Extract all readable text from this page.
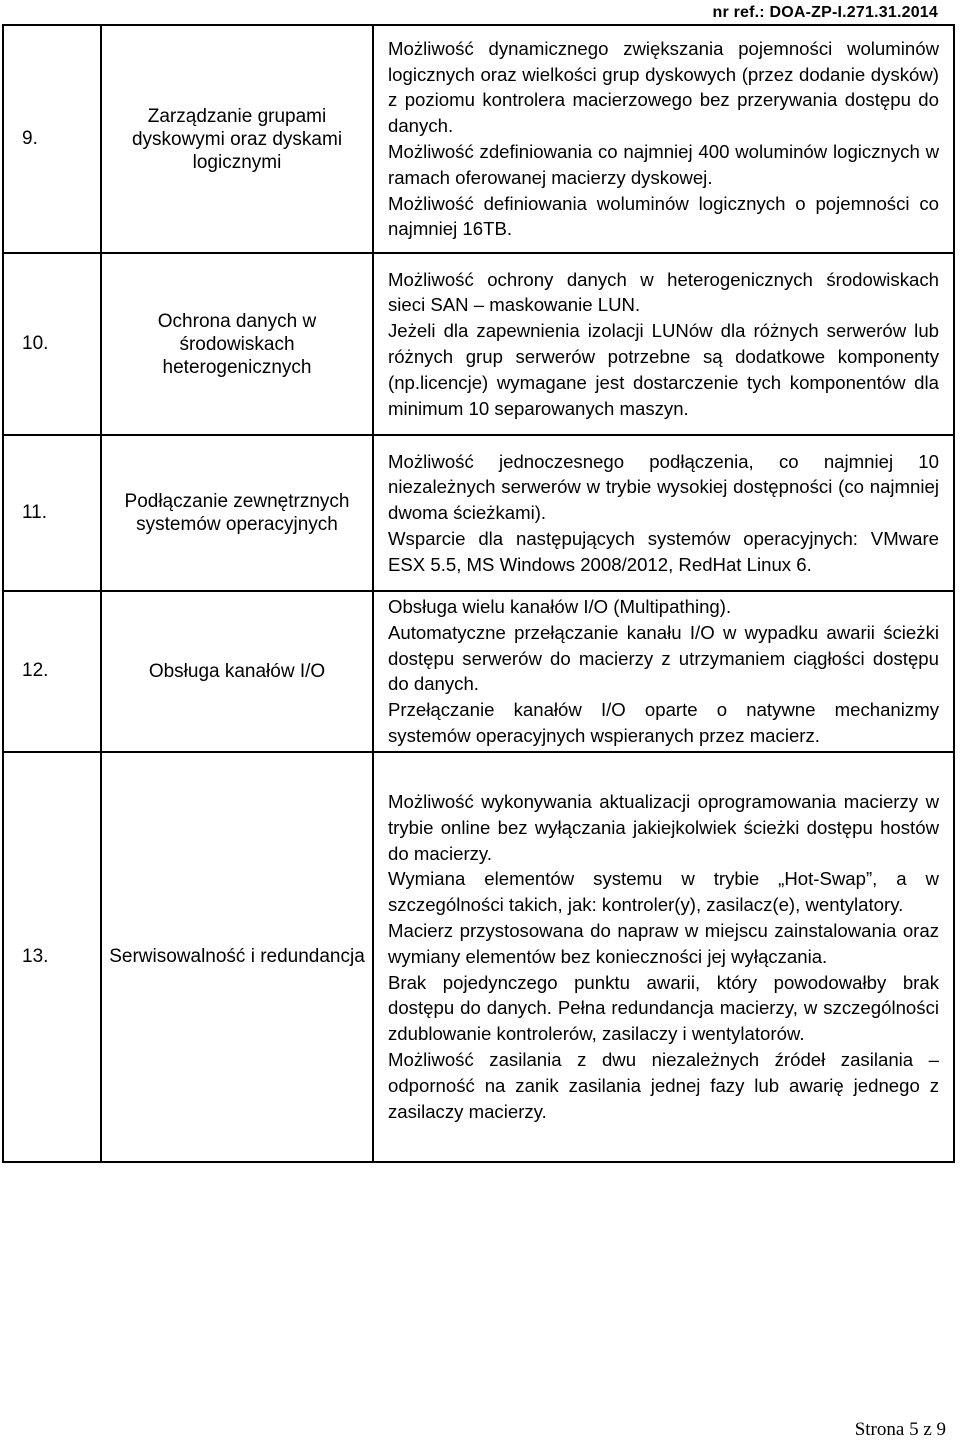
nr ref.: DOA-ZP-I.271.31.2014
9.	Zarządzanie grupami dyskowymi oraz dyskami logicznymi	Możliwość dynamicznego zwiększania pojemności woluminów logicznych oraz wielkości grup dyskowych (przez dodanie dysków) z poziomu kontrolera macierzowego bez przerywania dostępu do danych.

Możliwość zdefiniowania co najmniej 400 woluminów logicznych w ramach oferowanej macierzy dyskowej.

Możliwość definiowania woluminów logicznych o pojemności co najmniej 16TB.

10.	Ochrona danych w środowiskach heterogenicznych	Możliwość ochrony danych w heterogenicznych środowiskach sieci SAN – maskowanie LUN.

Jeżeli dla zapewnienia izolacji LUNów dla różnych serwerów lub różnych grup serwerów potrzebne są dodatkowe komponenty (np.licencje) wymagane jest dostarczenie tych komponentów dla minimum 10 separowanych maszyn.

11.	Podłączanie zewnętrznych systemów operacyjnych	Możliwość jednoczesnego podłączenia, co najmniej 10 niezależnych serwerów w trybie wysokiej dostępności (co najmniej dwoma ścieżkami).

Wsparcie dla następujących systemów operacyjnych: VMware ESX 5.5, MS Windows 2008/2012, RedHat Linux 6.

12.	Obsługa kanałów I/O	Obsługa wielu kanałów I/O (Multipathing).

Automatyczne przełączanie kanału I/O w wypadku awarii ścieżki dostępu serwerów do macierzy z utrzymaniem ciągłości dostępu do danych.

Przełączanie kanałów I/O oparte o natywne mechanizmy systemów operacyjnych wspieranych przez macierz.

13.	Serwisowalność i redundancja	Możliwość wykonywania aktualizacji oprogramowania macierzy w trybie online bez wyłączania jakiejkolwiek ścieżki dostępu hostów do macierzy.

Wymiana elementów systemu w trybie „Hot-Swap”, a w szczególności takich, jak: kontroler(y), zasilacz(e), wentylatory.

Macierz przystosowana do napraw w miejscu zainstalowania oraz wymiany elementów bez konieczności jej wyłączania.

Brak pojedynczego punktu awarii, który powodowałby brak dostępu do danych. Pełna redundancja macierzy, w szczególności zdublowanie kontrolerów, zasilaczy i wentylatorów.

Możliwość zasilania z dwu niezależnych źródeł zasilania – odporność na zanik zasilania jednej fazy lub awarię jednego z zasilaczy macierzy.

Strona 5 z 9
